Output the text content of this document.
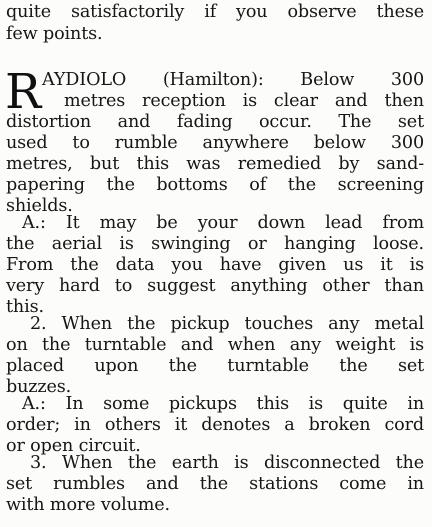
quite satisfactorily if you observe these
few points.
R AYDIOLO (Hamilton): Below 300
metres reception is clear and then
distortion and fading occur. The set
used to rumble anywhere below 300
metres, but this was remedied by sand-
papering the bottoms of the screening
shields.
A.: It may be your down lead from
the aerial is swinging or hanging loose.
From the data you have given us it is
very hard to suggest anything other than
this.
2. When the pickup touches any metal
on the turntable and when any weight is
placed upon the turntable the set
buzzes.
A.: In some pickups this is quite in
order; in others it denotes a broken cord
or open circuit.
3. When the earth is disconnected the
set rumbles and the stations come in
with more volume.
